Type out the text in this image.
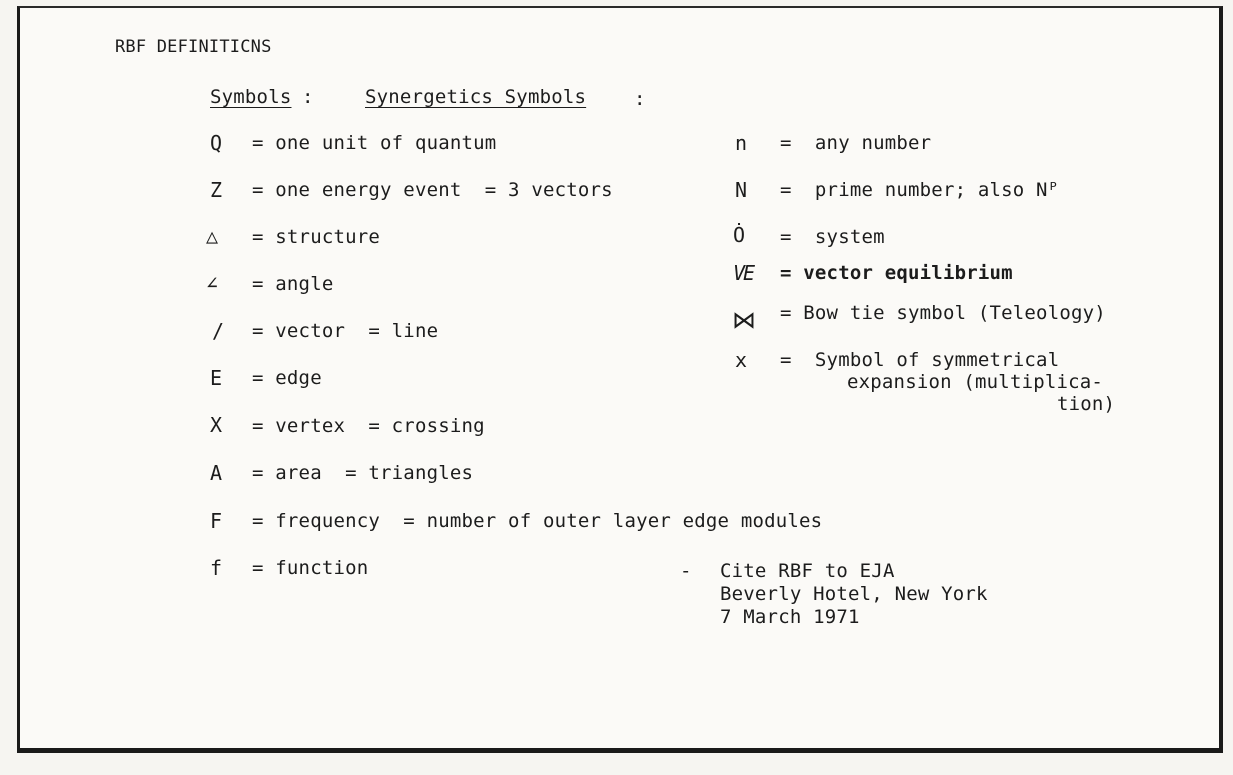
RBF DEFINITICNS
Symbols :	Synergetics Symbols	:
Q = one unit of quantum
Z = one energy event  = 3 vectors
△ = structure
∠ = angle
/ = vector  = line
E = edge
X = vertex  = crossing
A = area  = triangles
F = frequency  = number of outer layer edge modules
f = function
n =  any number
N =  prime number; also Nᴾ
Ȯ =  system
VE = vector equilibrium
⋈ = Bow tie symbol (Teleology)
x =  Symbol of symmetrical
expansion (multiplica-
tion)
- Cite RBF to EJA
Beverly Hotel, New York
7 March 1971
